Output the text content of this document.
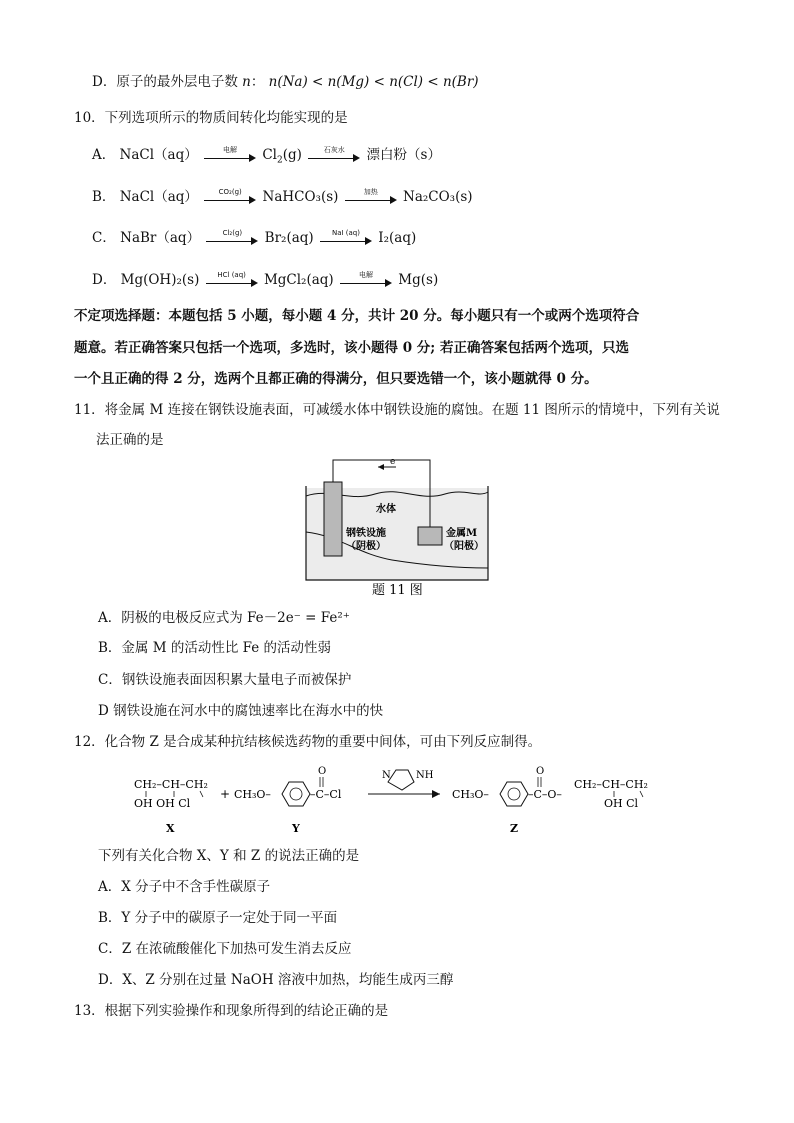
D．原子的最外层电子数 n： n(Na) < n(Mg) < n(Cl) < n(Br)
10．下列选项所示的物质间转化均能实现的是
A． NaCl（aq）	电解	$Cl_2(g)$	石灰水	漂白粉（s）
B． NaCl（aq）	CO₂(g)	NaHCO₃(s)	加热	Na₂CO₃(s)
C． NaBr（aq）	Cl₂(g)	Br₂(aq)	NaI (aq)	I₂(aq)
D． Mg(OH)₂(s)	HCl (aq)	MgCl₂(aq)	电解	Mg(s)
不定项选择题：本题包括 5 小题，每小题 4 分，共计 20 分。每小题只有一个或两个选项符合
题意。若正确答案只包括一个选项，多选时，该小题得 0 分; 若正确答案包括两个选项，只选
一个且正确的得 2 分，选两个且都正确的得满分，但只要选错一个，该小题就得 0 分。
11．将金属 M 连接在钢铁设施表面，可减缓水体中钢铁设施的腐蚀。在题 11 图所示的情境中，下列有关说
法正确的是
e⁻
水体
钢铁设施
（阴极）
金属M
（阳极）
题 11 图
A．阴极的电极反应式为 Fe－2e⁻ = Fe²⁺
B．金属 M 的活动性比 Fe 的活动性弱
C．钢铁设施表面因积累大量电子而被保护
D 钢铁设施在河水中的腐蚀速率比在海水中的快
12．化合物 Z 是合成某种抗结核候选药物的重要中间体，可由下列反应制得。
CH₂–CH–CH₂
OH OH Cl
+ CH₃O–
O
–C–Cl
N	NH
CH₃O–
O
–C–O–
CH₂–CH–CH₂
OH Cl
X	Y	Z
下列有关化合物 X、Y 和 Z 的说法正确的是
A．X 分子中不含手性碳原子
B．Y 分子中的碳原子一定处于同一平面
C．Z 在浓硫酸催化下加热可发生消去反应
D．X、Z 分别在过量 NaOH 溶液中加热，均能生成丙三醇
13．根据下列实验操作和现象所得到的结论正确的是
